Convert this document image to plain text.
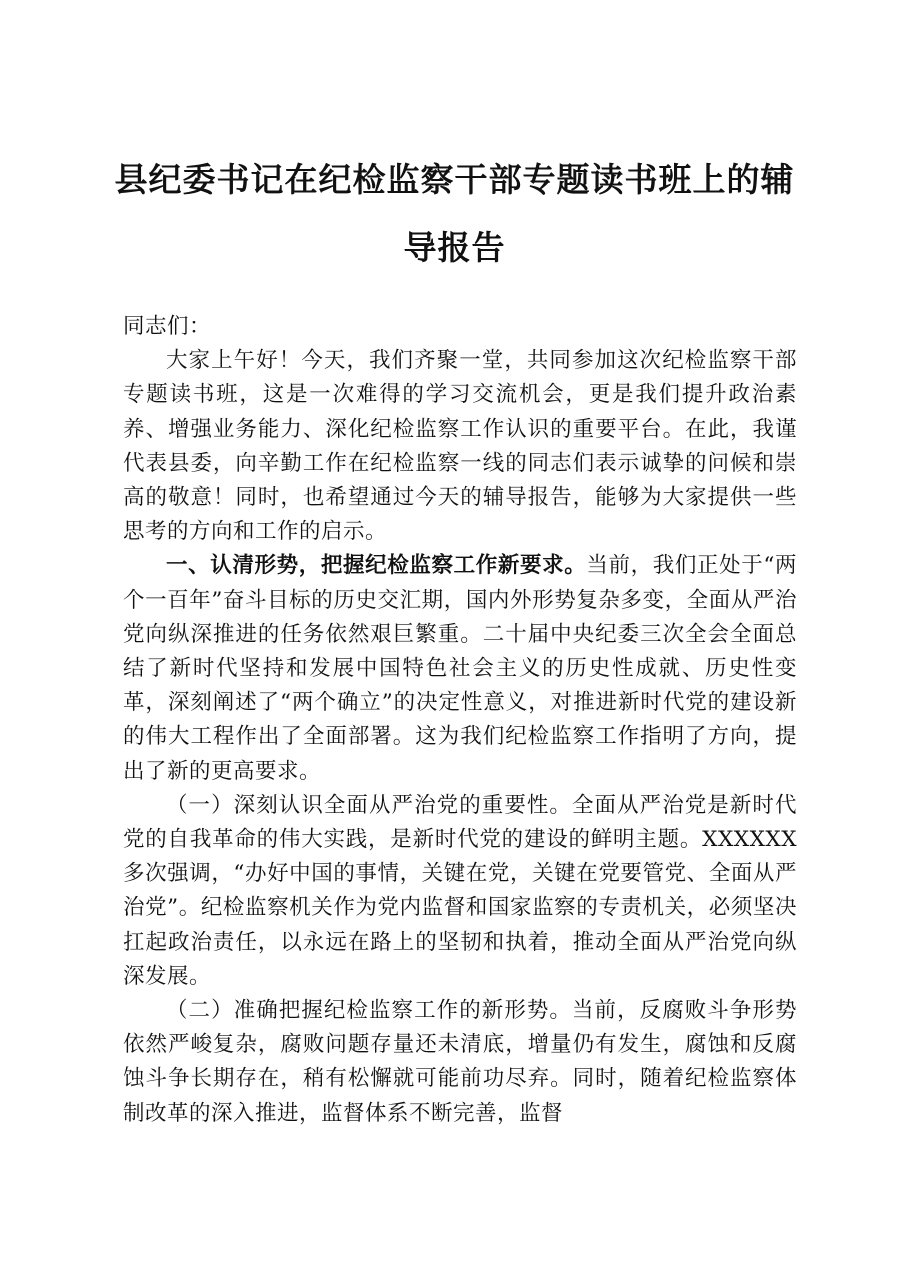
县纪委书记在纪检监察干部专题读书班上的辅
导报告

同志们：

大家上午好！今天，我们齐聚一堂，共同参加这次纪检监察干部专题读书班，这是一次难得的学习交流机会，更是我们提升政治素养、增强业务能力、深化纪检监察工作认识的重要平台。在此，我谨代表县委，向辛勤工作在纪检监察一线的同志们表示诚挚的问候和崇高的敬意！同时，也希望通过今天的辅导报告，能够为大家提供一些思考的方向和工作的启示。

一、认清形势，把握纪检监察工作新要求。当前，我们正处于“两个一百年”奋斗目标的历史交汇期，国内外形势复杂多变，全面从严治党向纵深推进的任务依然艰巨繁重。二十届中央纪委三次全会全面总结了新时代坚持和发展中国特色社会主义的历史性成就、历史性变革，深刻阐述了“两个确立”的决定性意义，对推进新时代党的建设新的伟大工程作出了全面部署。这为我们纪检监察工作指明了方向，提出了新的更高要求。

（一）深刻认识全面从严治党的重要性。全面从严治党是新时代党的自我革命的伟大实践，是新时代党的建设的鲜明主题。XXXXXX 多次强调，“办好中国的事情，关键在党，关键在党要管党、全面从严治党”。纪检监察机关作为党内监督和国家监察的专责机关，必须坚决扛起政治责任，以永远在路上的坚韧和执着，推动全面从严治党向纵深发展。

（二）准确把握纪检监察工作的新形势。当前，反腐败斗争形势依然严峻复杂，腐败问题存量还未清底，增量仍有发生，腐蚀和反腐蚀斗争长期存在，稍有松懈就可能前功尽弃。同时，随着纪检监察体制改革的深入推进，监督体系不断完善，监督
